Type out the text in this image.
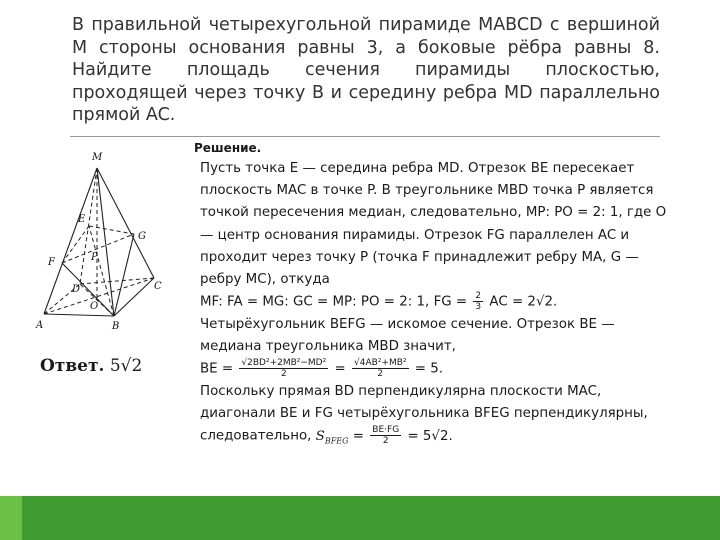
В правильной четырехугольной пирамиде MABCD с вершиной M стороны основания равны 3, а боковые рёбра равны 8. Найдите площадь сечения пирамиды плоскостью, проходящей через точку B и середину ребра MD параллельно прямой AC.
M
E
G
F	P
D	C
O
A	B
Ответ. 5√2
Решение.

Пусть точка E — середина ребра MD. Отрезок BE пересекает плоскость MAC в точке P. В треугольнике MBD точка P является точкой пересечения медиан, следовательно, MP: PO = 2: 1, где O — центр основания пирамиды. Отрезок FG параллелен AC и проходит через точку P (точка F принадлежит ребру MA, G — ребру MC), откуда

MF: FA = MG: GC = MP: PO = 2: 1, FG = $\frac{2}{3}$ AC = 2√2.

Четырёхугольник BEFG — искомое сечение. Отрезок BE — медиана треугольника MBD значит,

BE = $\frac{\text{√2BD²+2MB²−MD²}}{2} = \frac{\text{√4AB²+MB²}}{2} = 5$.

Поскольку прямая BD перпендикулярна плоскости MAC, диагонали BE и FG четырёхугольника BFEG перпендикулярны, следовательно, $S_{BFEG} = \frac{BE\cdot FG}{2} = 5√2$.
